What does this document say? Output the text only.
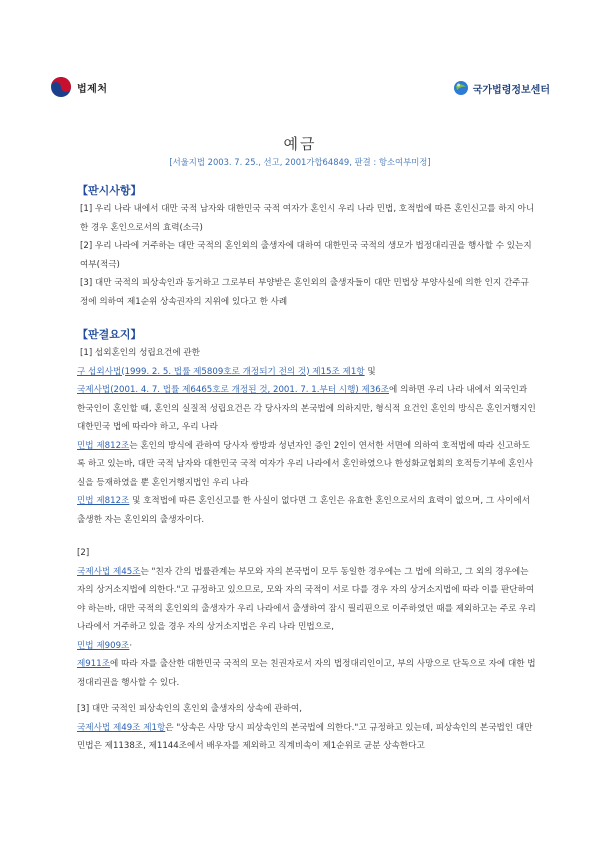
법제처	국가법령정보센터
예금
[서울지법 2003. 7. 25., 선고, 2001가합64849, 판결 : 항소여부미정]
【판시사항】

[1] 우리 나라 내에서 대만 국적 남자와 대한민국 국적 여자가 혼인시 우리 나라 민법, 호적법에 따른 혼인신고를 하지 아니한 경우 혼인으로서의 효력(소극)

[2] 우리 나라에 거주하는 대만 국적의 혼인외의 출생자에 대하여 대한민국 국적의 생모가 법정대리권을 행사할 수 있는지 여부(적극)

[3] 대만 국적의 피상속인과 동거하고 그로부터 부양받은 혼인외의 출생자들이 대만 민법상 부양사실에 의한 인지 간주규정에 의하여 제1순위 상속권자의 지위에 있다고 한 사례

【판결요지】

[1] 섭외혼인의 성립요건에 관한

구 섭외사법(1999. 2. 5. 법률 제5809호로 개정되기 전의 것) 제15조 제1항 및
국제사법(2001. 4. 7. 법률 제6465호로 개정된 것, 2001. 7. 1.부터 시행) 제36조에 의하면 우리 나라 내에서 외국인과 한국인이 혼인할 때, 혼인의 실질적 성립요건은 각 당사자의 본국법에 의하지만, 형식적 요건인 혼인의 방식은 혼인거행지인 대한민국 법에 따라야 하고, 우리 나라
민법 제812조는 혼인의 방식에 관하여 당사자 쌍방과 성년자인 증인 2인이 연서한 서면에 의하여 호적법에 따라 신고하도록 하고 있는바, 대만 국적 남자와 대한민국 국적 여자가 우리 나라에서 혼인하였으나 한성화교협회의 호적등기부에 혼인사실을 등재하였을 뿐 혼인거행지법인 우리 나라
민법 제812조 및 호적법에 따른 혼인신고를 한 사실이 없다면 그 혼인은 유효한 혼인으로서의 효력이 없으며, 그 사이에서 출생한 자는 혼인외의 출생자이다.

[2]

국제사법 제45조는 "친자 간의 법률관계는 부모와 자의 본국법이 모두 동일한 경우에는 그 법에 의하고, 그 외의 경우에는 자의 상거소지법에 의한다."고 규정하고 있으므로, 모와 자의 국적이 서로 다를 경우 자의 상거소지법에 따라 이를 판단하여야 하는바, 대만 국적의 혼인외의 출생자가 우리 나라에서 출생하여 잠시 필리핀으로 이주하였던 때를 제외하고는 주로 우리 나라에서 거주하고 있을 경우 자의 상거소지법은 우리 나라 민법으로,
민법 제909조·
제911조에 따라 자를 출산한 대한민국 국적의 모는 친권자로서 자의 법정대리인이고, 부의 사망으로 단독으로 자에 대한 법정대리권을 행사할 수 있다.

[3] 대만 국적인 피상속인의 혼인외 출생자의 상속에 관하여,

국제사법 제49조 제1항은 "상속은 사망 당시 피상속인의 본국법에 의한다."고 규정하고 있는데, 피상속인의 본국법인 대만 민법은 제1138조, 제1144조에서 배우자를 제외하고 직계비속이 제1순위로 균분 상속한다고
